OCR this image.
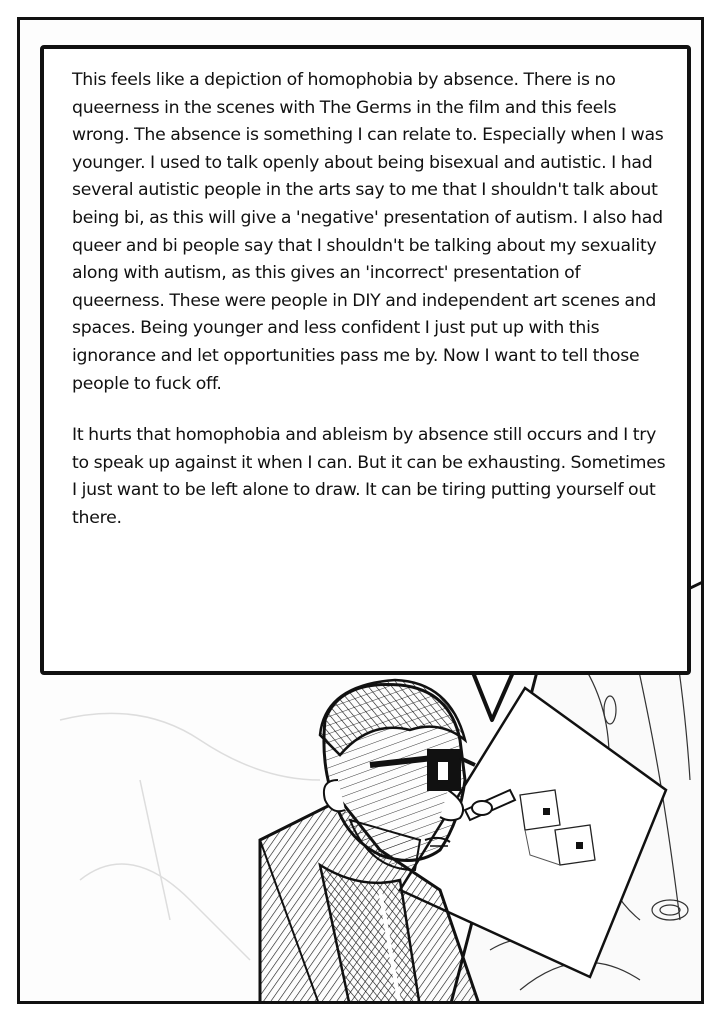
This feels like a depiction of homophobia by absence. There is no queerness in the scenes with The Germs in the film and this feels wrong. The absence is something I can relate to. Especially when I was younger. I used to talk openly about being bisexual and autistic. I had several autistic people in the arts say to me that I shouldn't talk about being bi, as this will give a 'negative' presentation of autism. I also had queer and bi people say that I shouldn't be talking about my sexuality along with autism, as this gives an 'incorrect' presentation of queerness. These were people in DIY and independent art scenes and spaces. Being younger and less confident I just put up with this ignorance and let opportunities pass me by. Now I want to tell those people to fuck off.

It hurts that homophobia and ableism by absence still occurs and I try to speak up against it when I can. But it can be exhausting. Sometimes I just want to be left alone to draw. It can be tiring putting yourself out there.
